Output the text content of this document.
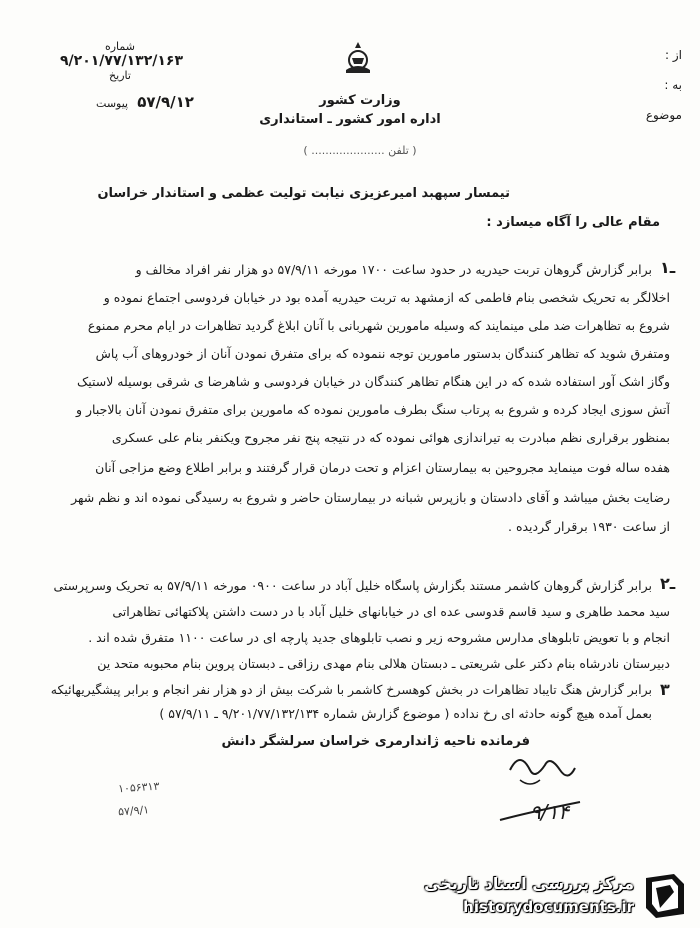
شماره
۹/۲۰۱/۷۷/۱۳۲/۱۶۳
تاریخ
۵۷/۹/۱۲ پیوست	وزارت کشور
اداره امور کشور ـ استانداری
( تلفن ..................... )
از :
به :
موضوع
تیمسار سپهبد امیرعزیزی نیابت تولیت عظمی و استاندار خراسان
مقام عالی را آگاه میسازد :
۱ـ
برابر گزارش گروهان تربت حیدریه در حدود ساعت ۱۷۰۰ مورخه ۵۷/۹/۱۱ دو هزار نفر افراد مخالف و
اخلالگر به تحریک شخصی بنام فاطمی که ازمشهد به تربت حیدریه آمده بود در خیابان فردوسی اجتماع نموده و
شروع به تظاهرات ضد ملی مینمایند که وسیله مامورین شهربانی با آنان ابلاغ گردید تظاهرات در ایام محرم ممنوع
ومتفرق شوید که تظاهر کنندگان بدستور مامورین توجه ننموده که برای متفرق نمودن آنان از خودروهای آب پاش
وگاز اشک آور استفاده شده که در این هنگام تظاهر کنندگان در خیابان فردوسی و شاهرضا ی شرقی بوسیله لاستیک
آتش سوزی ایجاد کرده و شروع به پرتاب سنگ بطرف مامورین نموده که مامورین برای متفرق نمودن آنان بالاجبار و
بمنظور برقراری نظم مبادرت به تیراندازی هوائی نموده که در نتیجه پنج نفر مجروح ویکنفر بنام علی عسکری
هفده ساله فوت مینماید مجروحین به بیمارستان اعزام و تحت درمان قرار گرفتند و برابر اطلاع وضع مزاجی آنان
رضایت بخش میباشد و آقای دادستان و بازپرس شبانه در بیمارستان حاضر و شروع به رسیدگی نموده اند و نظم شهر
از ساعت ۱۹۳۰ برقرار گردیده .
۲ـ
برابر گزارش گروهان کاشمر مستند بگزارش پاسگاه خلیل آباد در ساعت ۰۹۰۰ مورخه ۵۷/۹/۱۱ به تحریک وسرپرستی
سید محمد طاهری و سید قاسم قدوسی عده ای در خیابانهای خلیل آباد با در دست داشتن پلاکتهائی تظاهراتی
انجام و با تعویض تابلوهای مدارس مشروحه زیر و نصب تابلوهای جدید پارچه ای در ساعت ۱۱۰۰ متفرق شده اند .
دبیرستان نادرشاه بنام دکتر علی شریعتی ـ دبستان هلالی بنام مهدی رزاقی ـ دبستان پروین بنام محبوبه متحد ین
۳
برابر گزارش هنگ تایباد تظاهرات در بخش کوهسرخ کاشمر با شرکت بیش از دو هزار نفر انجام و برابر پیشگیریهائیکه
بعمل آمده هیچ گونه حادثه ای رخ نداده ( موضوع گزارش شماره ۹/۲۰۱/۷۷/۱۳۲/۱۳۴ ـ ۵۷/۹/۱۱ )
فرمانده ناحیه ژاندارمری خراسان سرلشگر دانش
۹/۱۴
۱۰۵۶۳۱۳
۵۷/۹/۱
مرکز بررسی اسناد تاریخی
historydocuments.ir
